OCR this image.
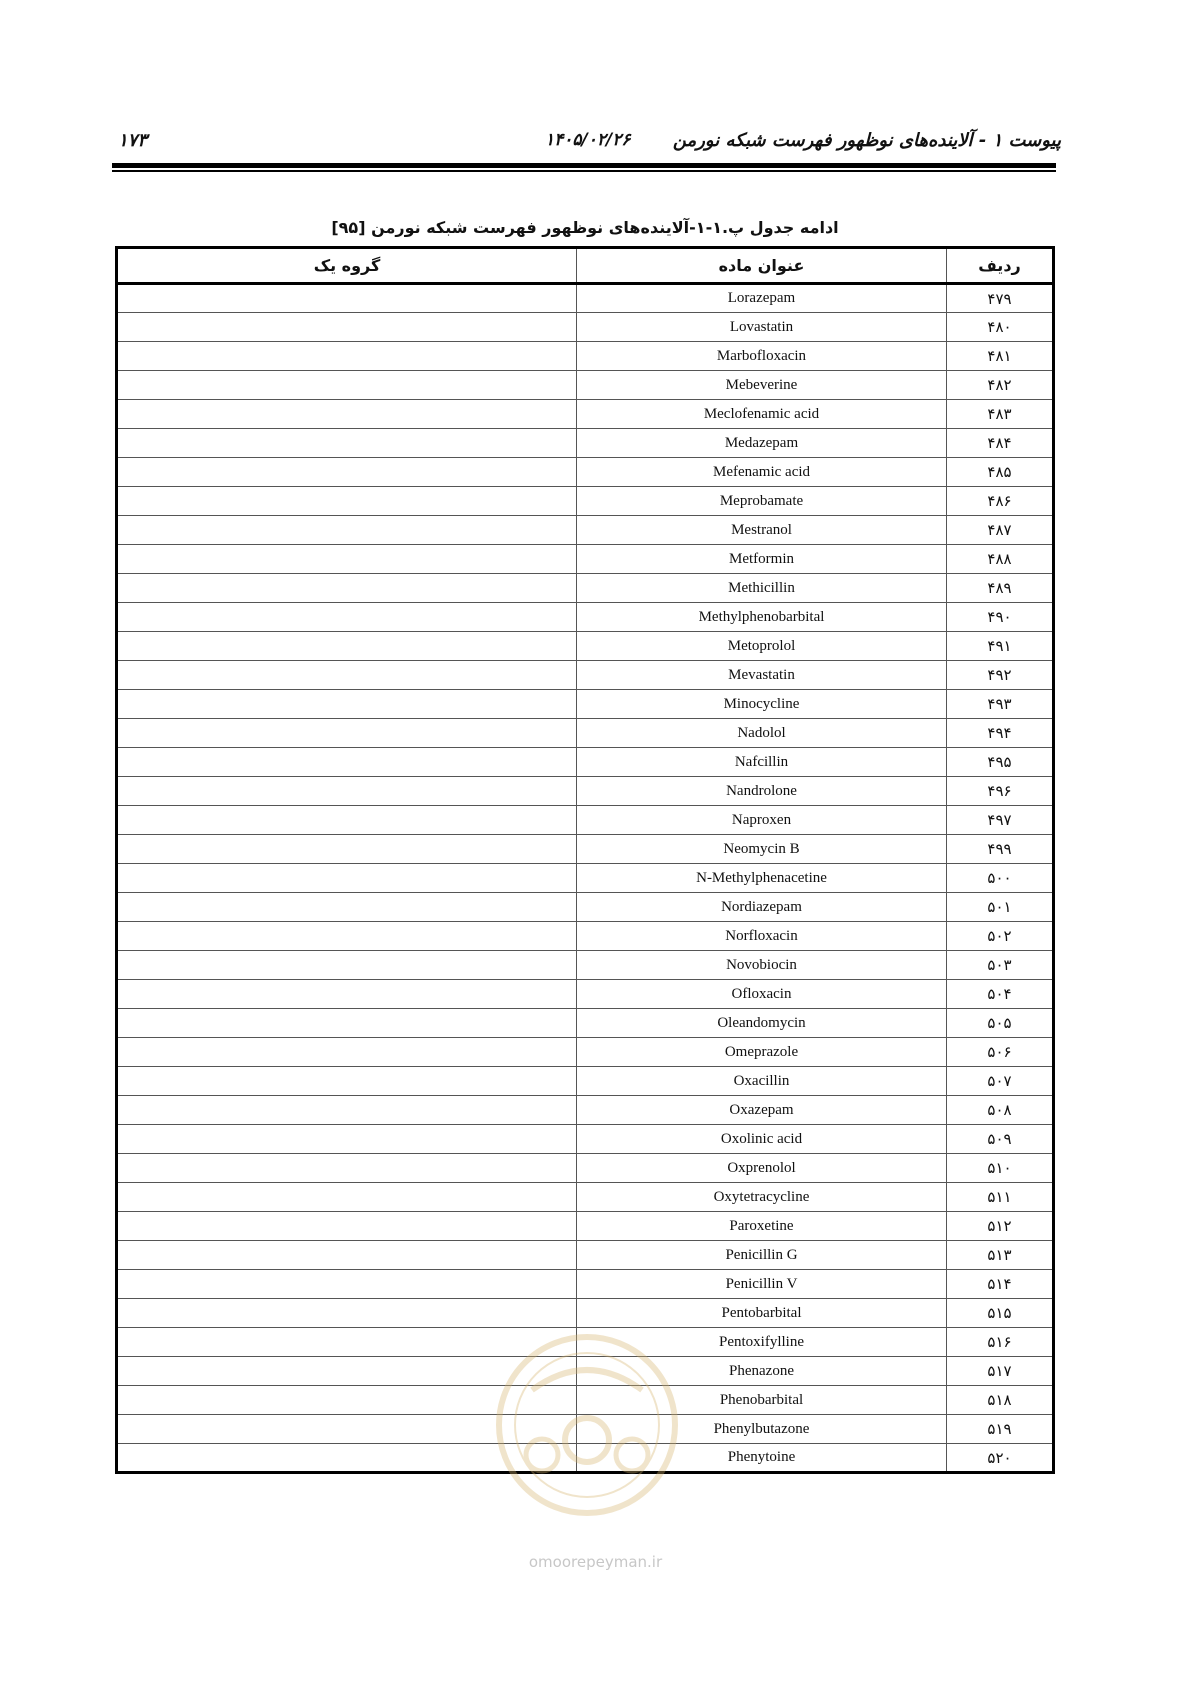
۱۷۳	۱۴۰۵/۰۲/۲۶ پیوست ۱ - آلاینده‌های نوظهور فهرست شبکه نورمن
ادامه جدول پ.۱-۱-آلاینده‌های نوظهور فهرست شبکه نورمن [۹۵]
ردیف	عنوان ماده	گروه یک
۴۷۹	Lorazepam	
۴۸۰	Lovastatin	
۴۸۱	Marbofloxacin	
۴۸۲	Mebeverine	
۴۸۳	Meclofenamic acid	
۴۸۴	Medazepam	
۴۸۵	Mefenamic acid	
۴۸۶	Meprobamate	
۴۸۷	Mestranol	
۴۸۸	Metformin	
۴۸۹	Methicillin	
۴۹۰	Methylphenobarbital	
۴۹۱	Metoprolol	
۴۹۲	Mevastatin	
۴۹۳	Minocycline	
۴۹۴	Nadolol	
۴۹۵	Nafcillin	
۴۹۶	Nandrolone	
۴۹۷	Naproxen	
۴۹۹	Neomycin B	
۵۰۰	N-Methylphenacetine	
۵۰۱	Nordiazepam	
۵۰۲	Norfloxacin	
۵۰۳	Novobiocin	
۵۰۴	Ofloxacin	
۵۰۵	Oleandomycin	
۵۰۶	Omeprazole	
۵۰۷	Oxacillin	
۵۰۸	Oxazepam	
۵۰۹	Oxolinic acid	
۵۱۰	Oxprenolol	
۵۱۱	Oxytetracycline	
۵۱۲	Paroxetine	
۵۱۳	Penicillin G	
۵۱۴	Penicillin V	
۵۱۵	Pentobarbital	
۵۱۶	Pentoxifylline	
۵۱۷	Phenazone	
۵۱۸	Phenobarbital	
۵۱۹	Phenylbutazone	
۵۲۰	Phenytoine	
omoorepeyman.ir
